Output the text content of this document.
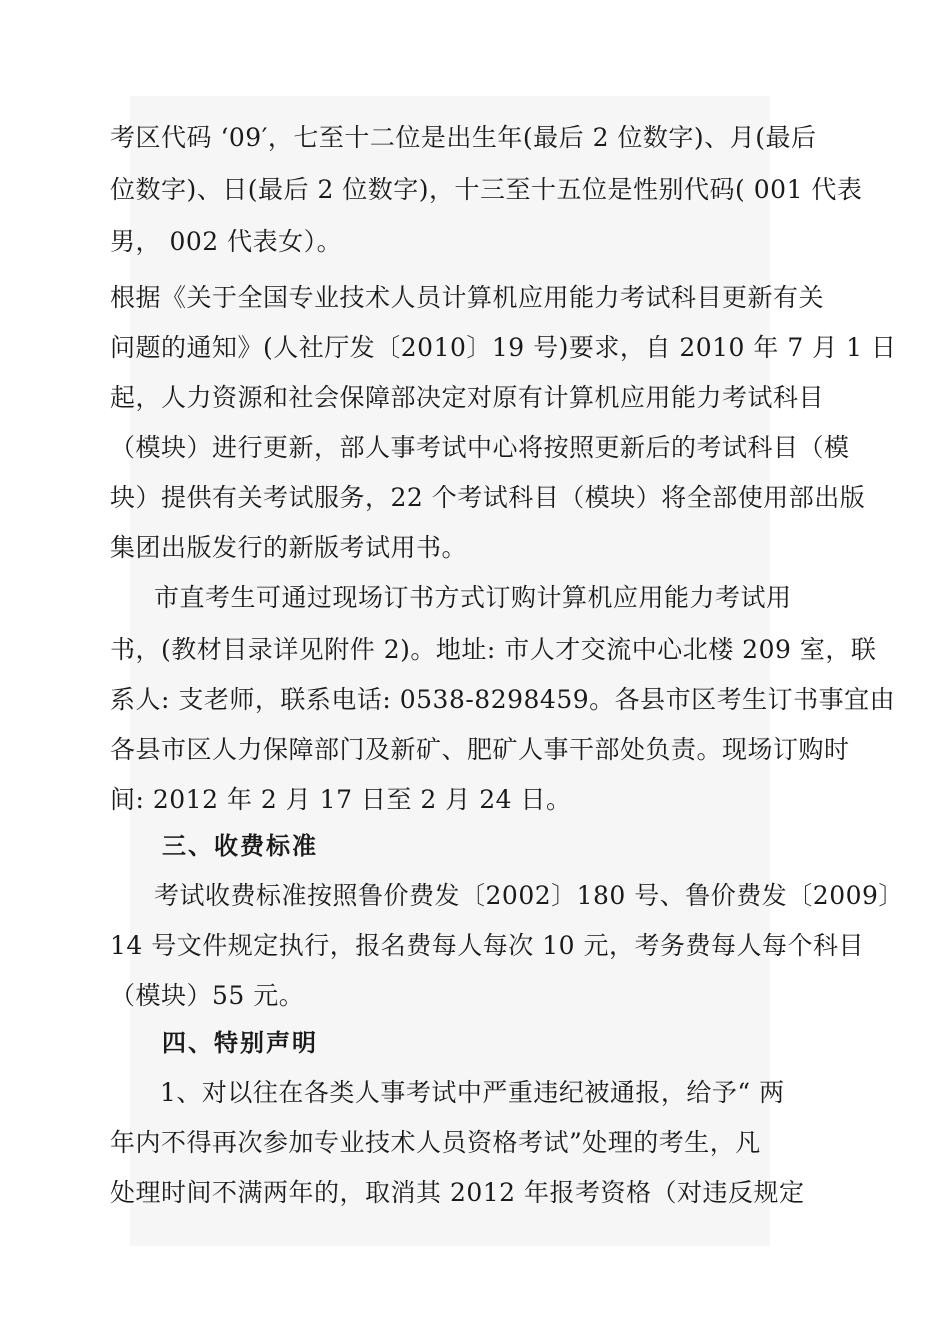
考区代码 ‘09′，七至十二位是出生年(最后 2 位数字)、月(最后
位数字)、日(最后 2 位数字)，十三至十五位是性别代码( 001 代表
男， 002 代表女）。
根据《关于全国专业技术人员计算机应用能力考试科目更新有关
问题的通知》(人社厅发〔2010〕19 号)要求，自 2010 年 7 月 1 日
起，人力资源和社会保障部决定对原有计算机应用能力考试科目
（模块）进行更新，部人事考试中心将按照更新后的考试科目（模
块）提供有关考试服务，22 个考试科目（模块）将全部使用部出版
集团出版发行的新版考试用书。
市直考生可通过现场订书方式订购计算机应用能力考试用
书，(教材目录详见附件 2)。地址: 市人才交流中心北楼 209 室，联
系人: 支老师，联系电话: 0538-8298459。各县市区考生订书事宜由
各县市区人力保障部门及新矿、肥矿人事干部处负责。现场订购时
间: 2012 年 2 月 17 日至 2 月 24 日。
三、收费标准
考试收费标准按照鲁价费发〔2002〕180 号、鲁价费发〔2009〕
14 号文件规定执行，报名费每人每次 10 元，考务费每人每个科目
（模块）55 元。
四、特别声明
1、对以往在各类人事考试中严重违纪被通报，给予“ 两
年内不得再次参加专业技术人员资格考试”处理的考生，凡
处理时间不满两年的，取消其 2012 年报考资格（对违反规定
